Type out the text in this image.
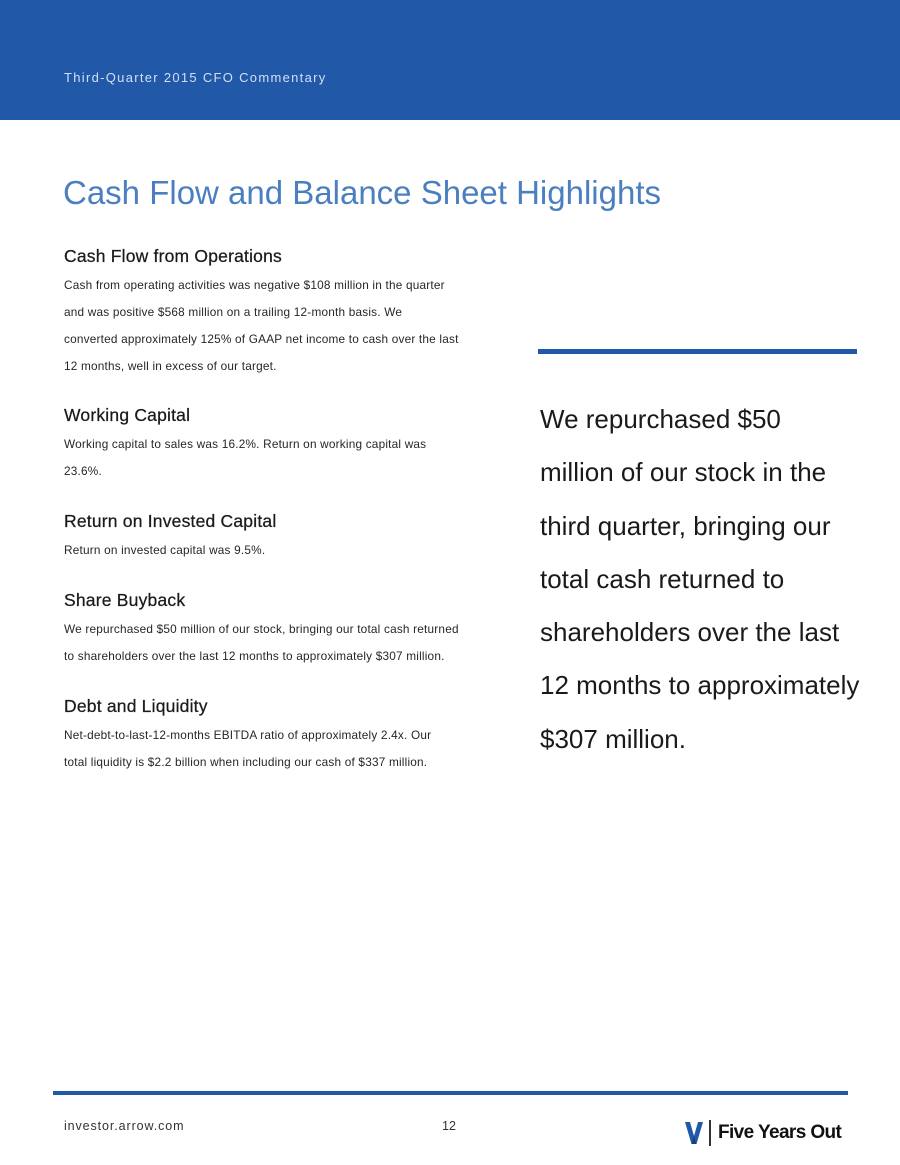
Third-Quarter 2015 CFO Commentary
Cash Flow and Balance Sheet Highlights
Cash Flow from Operations

Cash from operating activities was negative $108 million in the quarter
and was positive $568 million on a trailing 12-month basis. We
converted approximately 125% of GAAP net income to cash over the last
12 months, well in excess of our target.

Working Capital

Working capital to sales was 16.2%. Return on working capital was
23.6%.

Return on Invested Capital

Return on invested capital was 9.5%.

Share Buyback

We repurchased $50 million of our stock, bringing our total cash returned
to shareholders over the last 12 months to approximately $307 million.

Debt and Liquidity

Net-debt-to-last-12-months EBITDA ratio of approximately 2.4x. Our
total liquidity is $2.2 billion when including our cash of $337 million.

We repurchased $50
million of our stock in the
third quarter, bringing our
total cash returned to
shareholders over the last
12 months to approximately
$307 million.

investor.arrow.com	12	Five Years Out
